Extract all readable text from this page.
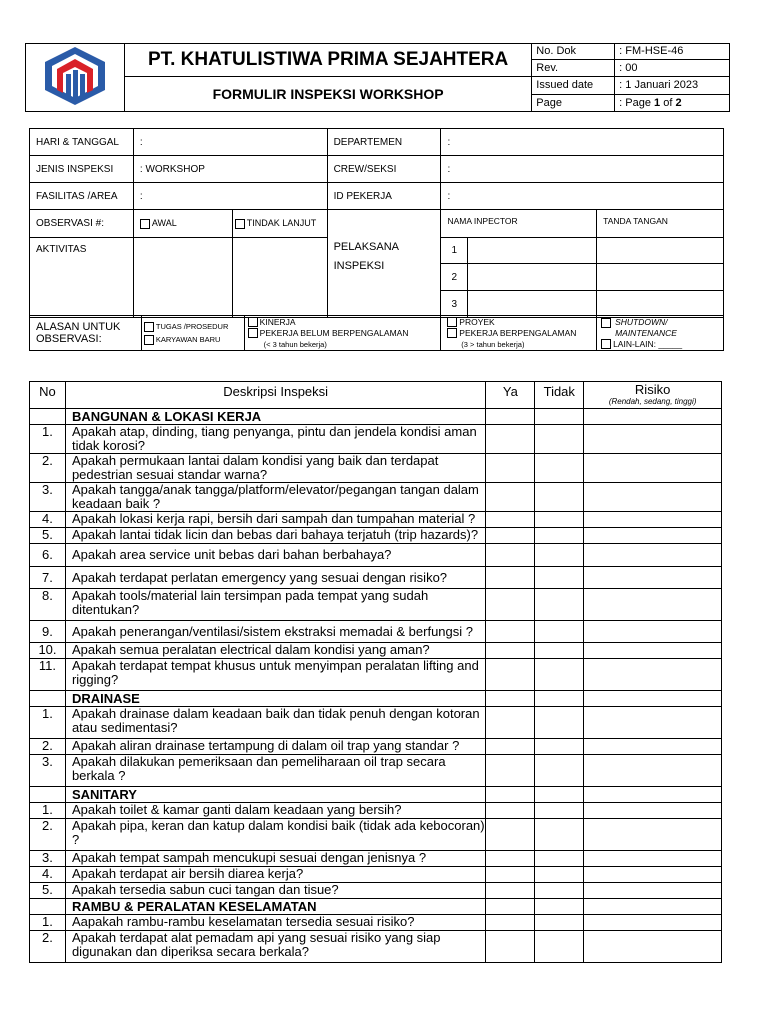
	PT. KHATULISTIWA PRIMA SEJAHTERA	No. Dok	: FM-HSE-46
		Rev.	: 00
	FORMULIR INSPEKSI WORKSHOP	Issued date	: 1 Januari 2023
		Page	: Page 1 of 2
HARI & TANGGAL	:		DEPARTEMEN	:		
JENIS INSPEKSI	: WORKSHOP		CREW/SEKSI	:		
FASILITAS /AREA	:		ID PEKERJA	:		
OBSERVASI #:	AWAL	TINDAK LANJUT	PELAKSANA INSPEKSI	NAMA INPECTOR		TANDA TANGAN
AKTIVITAS				1		
				2		
				3		
ALASAN UNTUK OBSERVASI:	
TUGAS /PROSEDUR
KARYAWAN BARU

KINERJA
PEKERJA BELUM BERPENGALAMAN
(< 3 tahun bekerja)

PROYEK
PEKERJA BERPENGALAMAN
(3 > tahun bekerja)

SHUTDOWN/ MAINTENANCE
LAIN-LAIN: _____
No	Deskripsi Inspeksi	Ya	Tidak	Risiko
(Rendah, sedang, tinggi)

	BANGUNAN & LOKASI KERJA			
1.	Apakah atap, dinding, tiang penyanga, pintu dan jendela kondisi aman tidak korosi?			
2.	Apakah permukaan lantai dalam kondisi yang baik dan terdapat pedestrian sesuai standar warna?			
3.	Apakah tangga/anak tangga/platform/elevator/pegangan tangan dalam keadaan baik ?			
4.	Apakah lokasi kerja rapi, bersih dari sampah dan tumpahan material ?			
5.	Apakah lantai tidak licin dan bebas dari bahaya terjatuh (trip hazards)?			
6.	Apakah area service unit bebas dari bahan berbahaya?			
7.	Apakah terdapat perlatan emergency yang sesuai dengan risiko?			
8.	Apakah tools/material lain tersimpan pada tempat yang sudah ditentukan?			
9.	Apakah penerangan/ventilasi/sistem ekstraksi memadai & berfungsi ?			
10.	Apakah semua peralatan electrical dalam kondisi yang aman?			
11.	Apakah terdapat tempat khusus untuk menyimpan peralatan lifting and rigging?			
	DRAINASE			
1.	Apakah drainase dalam keadaan baik dan tidak penuh dengan kotoran atau sedimentasi?			
2.	Apakah aliran drainase tertampung di dalam oil trap yang standar ?			
3.	Apakah dilakukan pemeriksaan dan pemeliharaan oil trap secara berkala ?			
	SANITARY			
1.	Apakah toilet & kamar ganti dalam keadaan yang bersih?			
2.	Apakah pipa, keran dan katup dalam kondisi baik (tidak ada kebocoran) ?			
3.	Apakah tempat sampah mencukupi sesuai dengan jenisnya ?			
4.	Apakah terdapat air bersih diarea kerja?			
5.	Apakah tersedia sabun cuci tangan dan tisue?			
	RAMBU & PERALATAN KESELAMATAN			
1.	Aapakah rambu-rambu keselamatan tersedia sesuai risiko?			
2.	Apakah terdapat alat pemadam api yang sesuai risiko yang siap digunakan dan diperiksa secara berkala?			
